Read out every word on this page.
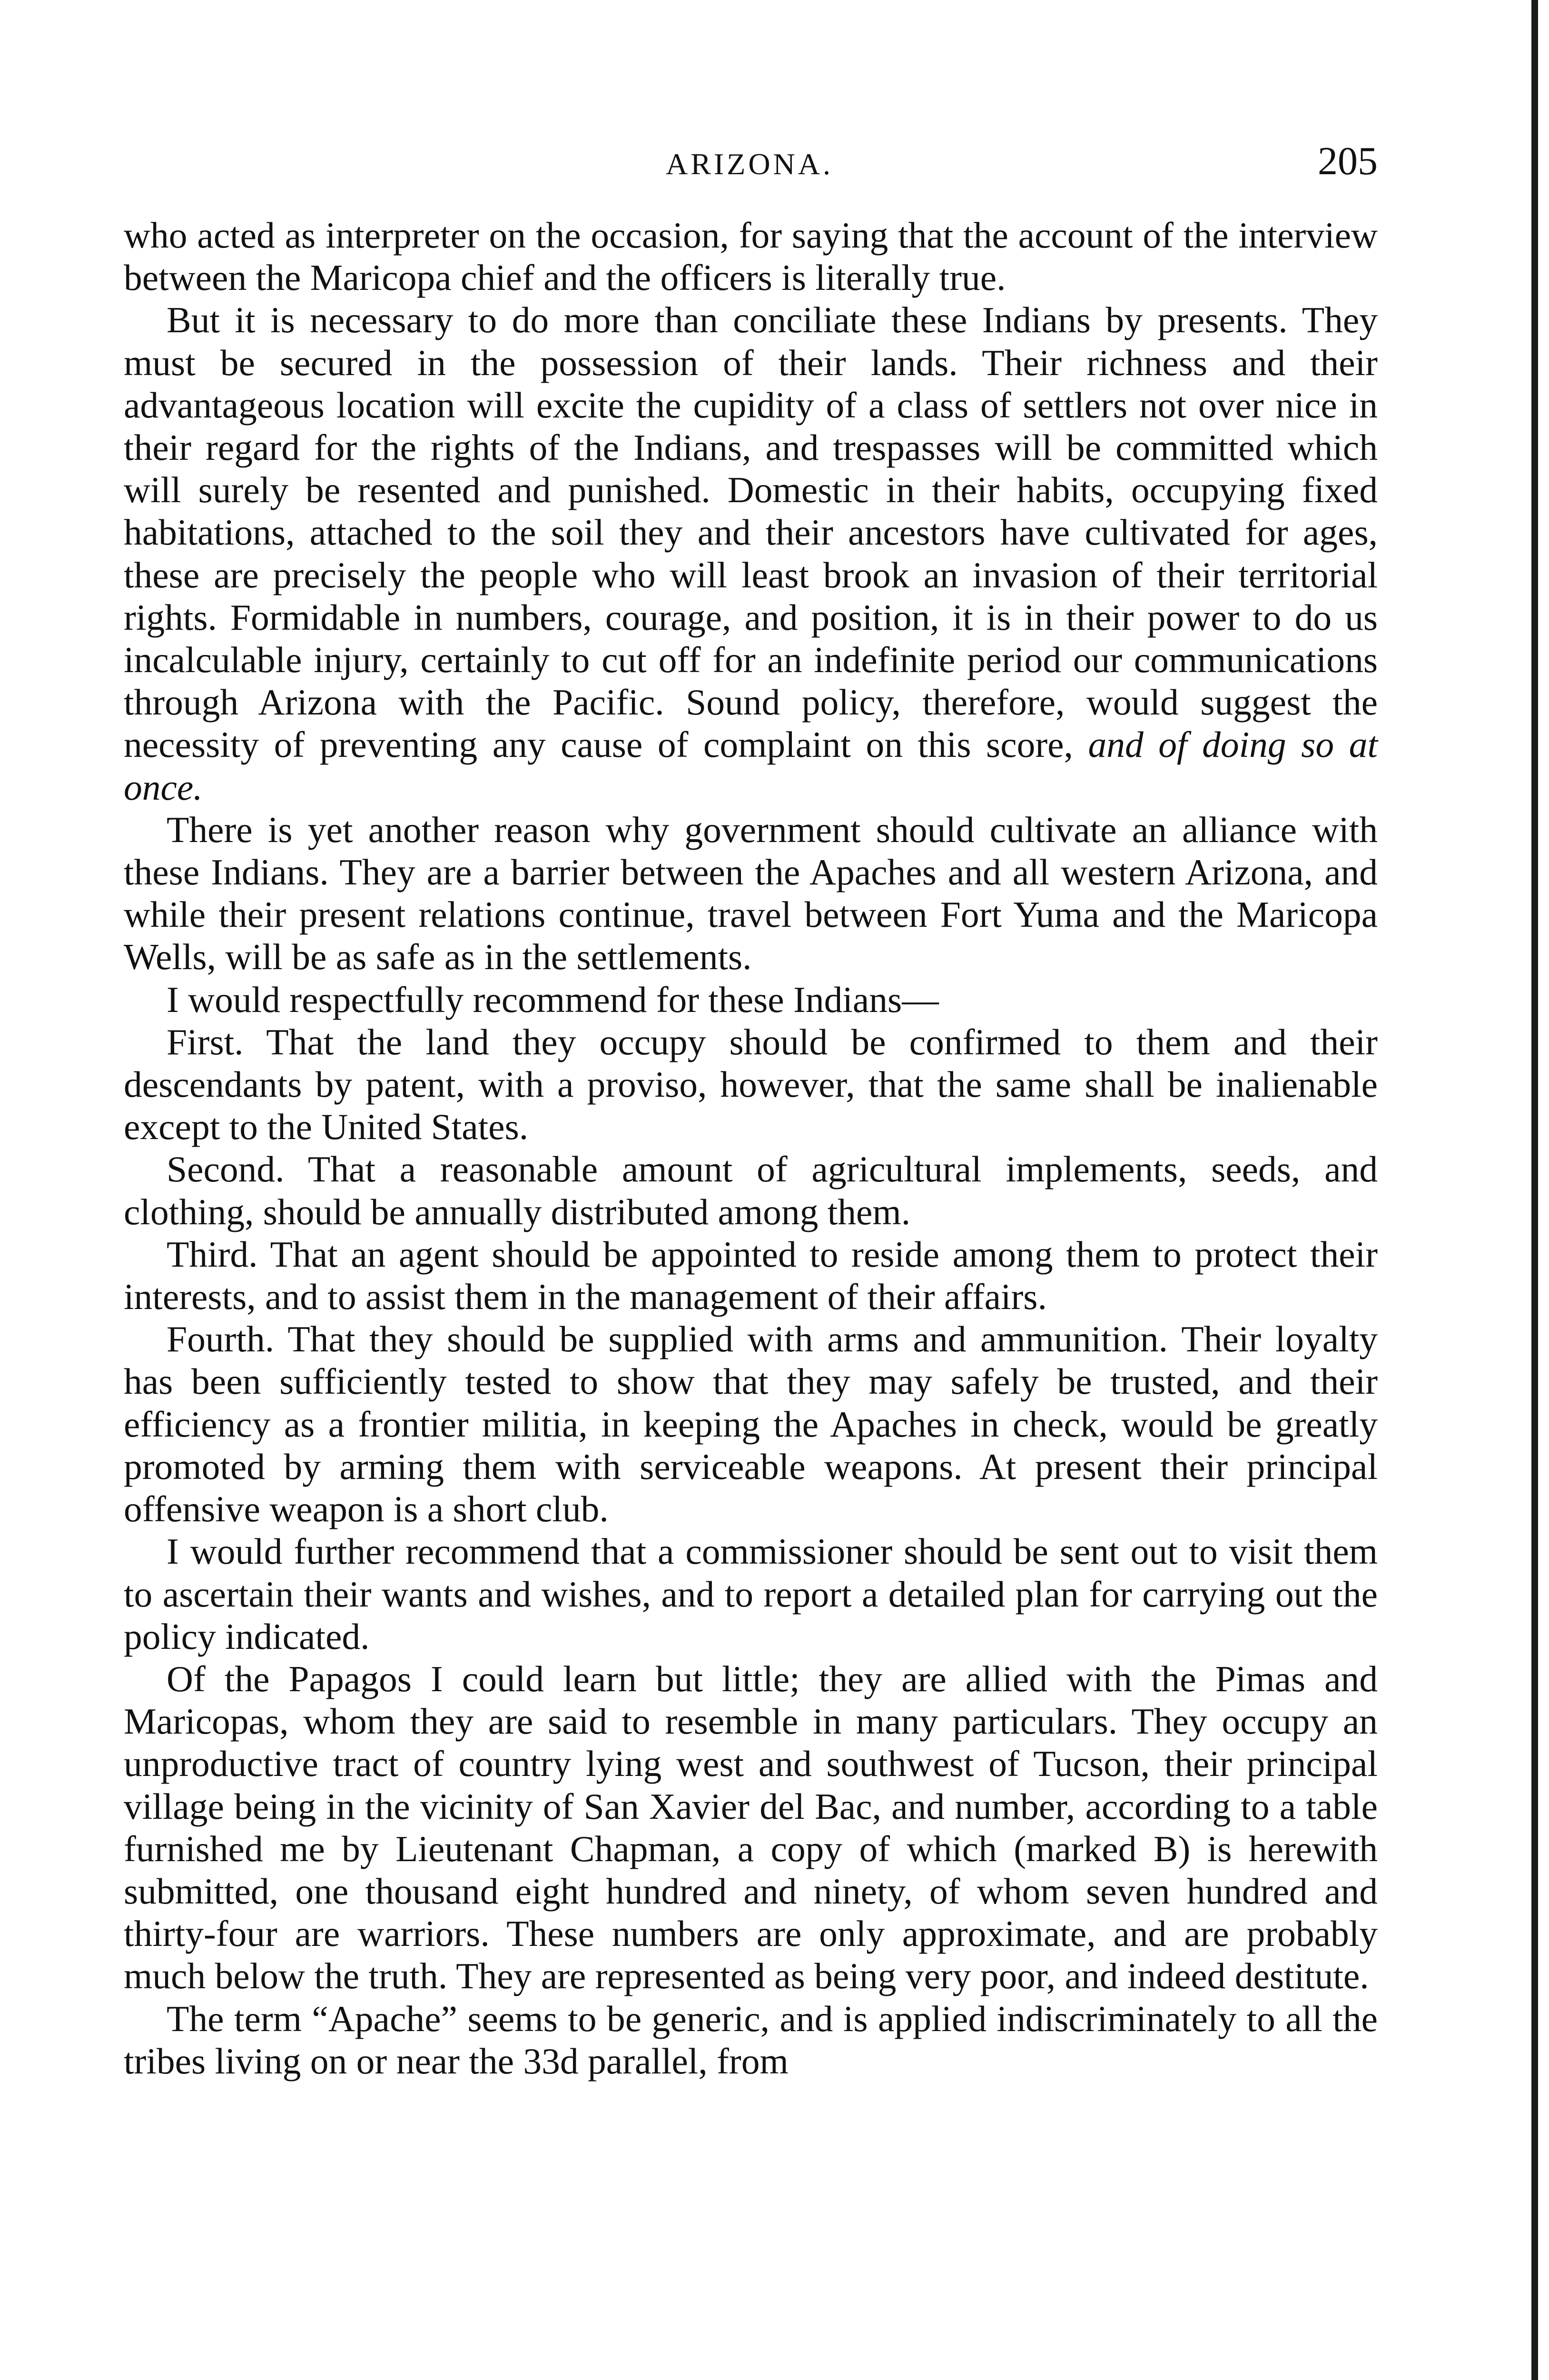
ARIZONA.	205

who acted as interpreter on the occasion, for saying that the account of the interview between the Maricopa chief and the officers is literally true.

But it is necessary to do more than conciliate these Indians by presents. They must be secured in the possession of their lands. Their richness and their advantageous location will excite the cupidity of a class of settlers not over nice in their regard for the rights of the Indians, and trespasses will be committed which will surely be resented and punished. Domestic in their habits, occupying fixed habitations, attached to the soil they and their ancestors have cultivated for ages, these are precisely the people who will least brook an invasion of their territorial rights. Formidable in numbers, courage, and position, it is in their power to do us incalculable injury, certainly to cut off for an indefinite period our communications through Arizona with the Pacific. Sound policy, therefore, would suggest the necessity of preventing any cause of complaint on this score, and of doing so at once.

There is yet another reason why government should cultivate an alliance with these Indians. They are a barrier between the Apaches and all western Arizona, and while their present relations continue, travel between Fort Yuma and the Maricopa Wells, will be as safe as in the settlements.

I would respectfully recommend for these Indians—

First. That the land they occupy should be confirmed to them and their descendants by patent, with a proviso, however, that the same shall be inalienable except to the United States.

Second. That a reasonable amount of agricultural implements, seeds, and clothing, should be annually distributed among them.

Third. That an agent should be appointed to reside among them to protect their interests, and to assist them in the management of their affairs.

Fourth. That they should be supplied with arms and ammunition. Their loyalty has been sufficiently tested to show that they may safely be trusted, and their efficiency as a frontier militia, in keeping the Apaches in check, would be greatly promoted by arming them with serviceable weapons. At present their principal offensive weapon is a short club.

I would further recommend that a commissioner should be sent out to visit them to ascertain their wants and wishes, and to report a detailed plan for carrying out the policy indicated.

Of the Papagos I could learn but little; they are allied with the Pimas and Maricopas, whom they are said to resemble in many particulars. They occupy an unproductive tract of country lying west and southwest of Tucson, their principal village being in the vicinity of San Xavier del Bac, and number, according to a table furnished me by Lieutenant Chapman, a copy of which (marked B) is herewith submitted, one thousand eight hundred and ninety, of whom seven hundred and thirty-four are warriors. These numbers are only approximate, and are probably much below the truth. They are represented as being very poor, and indeed destitute.

The term “Apache” seems to be generic, and is applied indiscriminately to all the tribes living on or near the 33d parallel, from
